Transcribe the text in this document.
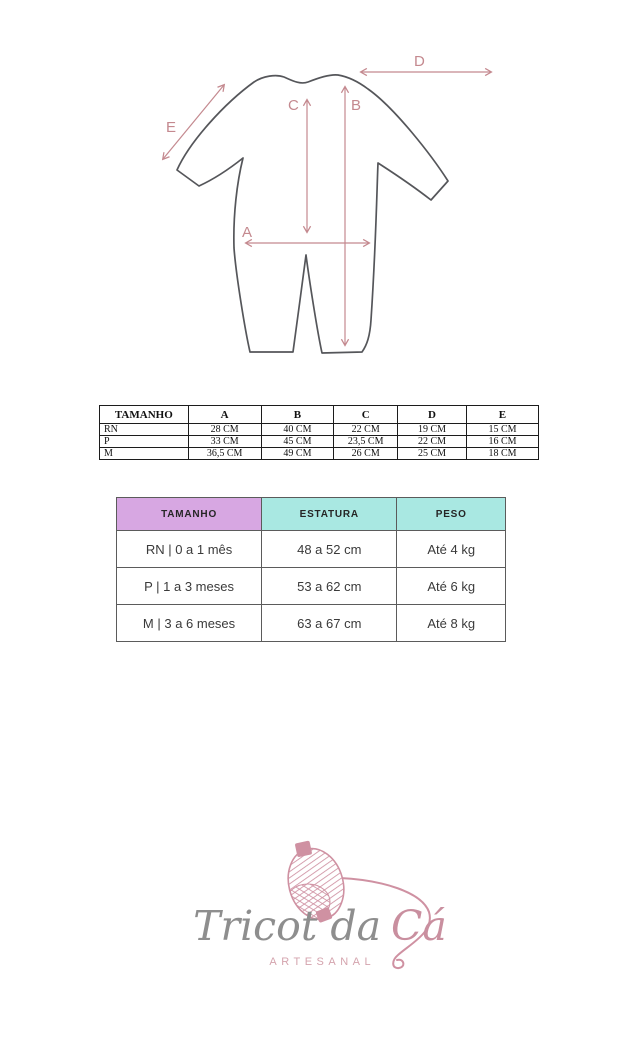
A
B
C
D
E
TAMANHO	A	B	C	D	E
RN	28 CM	40 CM	22 CM	19 CM	15 CM
P	33 CM	45 CM	23,5 CM	22 CM	16 CM
M	36,5 CM	49 CM	26 CM	25 CM	18 CM
TAMANHO	ESTATURA	PESO
RN | 0 a 1 mês	48 a 52 cm	Até 4 kg
P | 1 a 3 meses	53 a 62 cm	Até 6 kg
M | 3 a 6 meses	63 a 67 cm	Até 8 kg
Tricot da Cá
ARTESANAL
